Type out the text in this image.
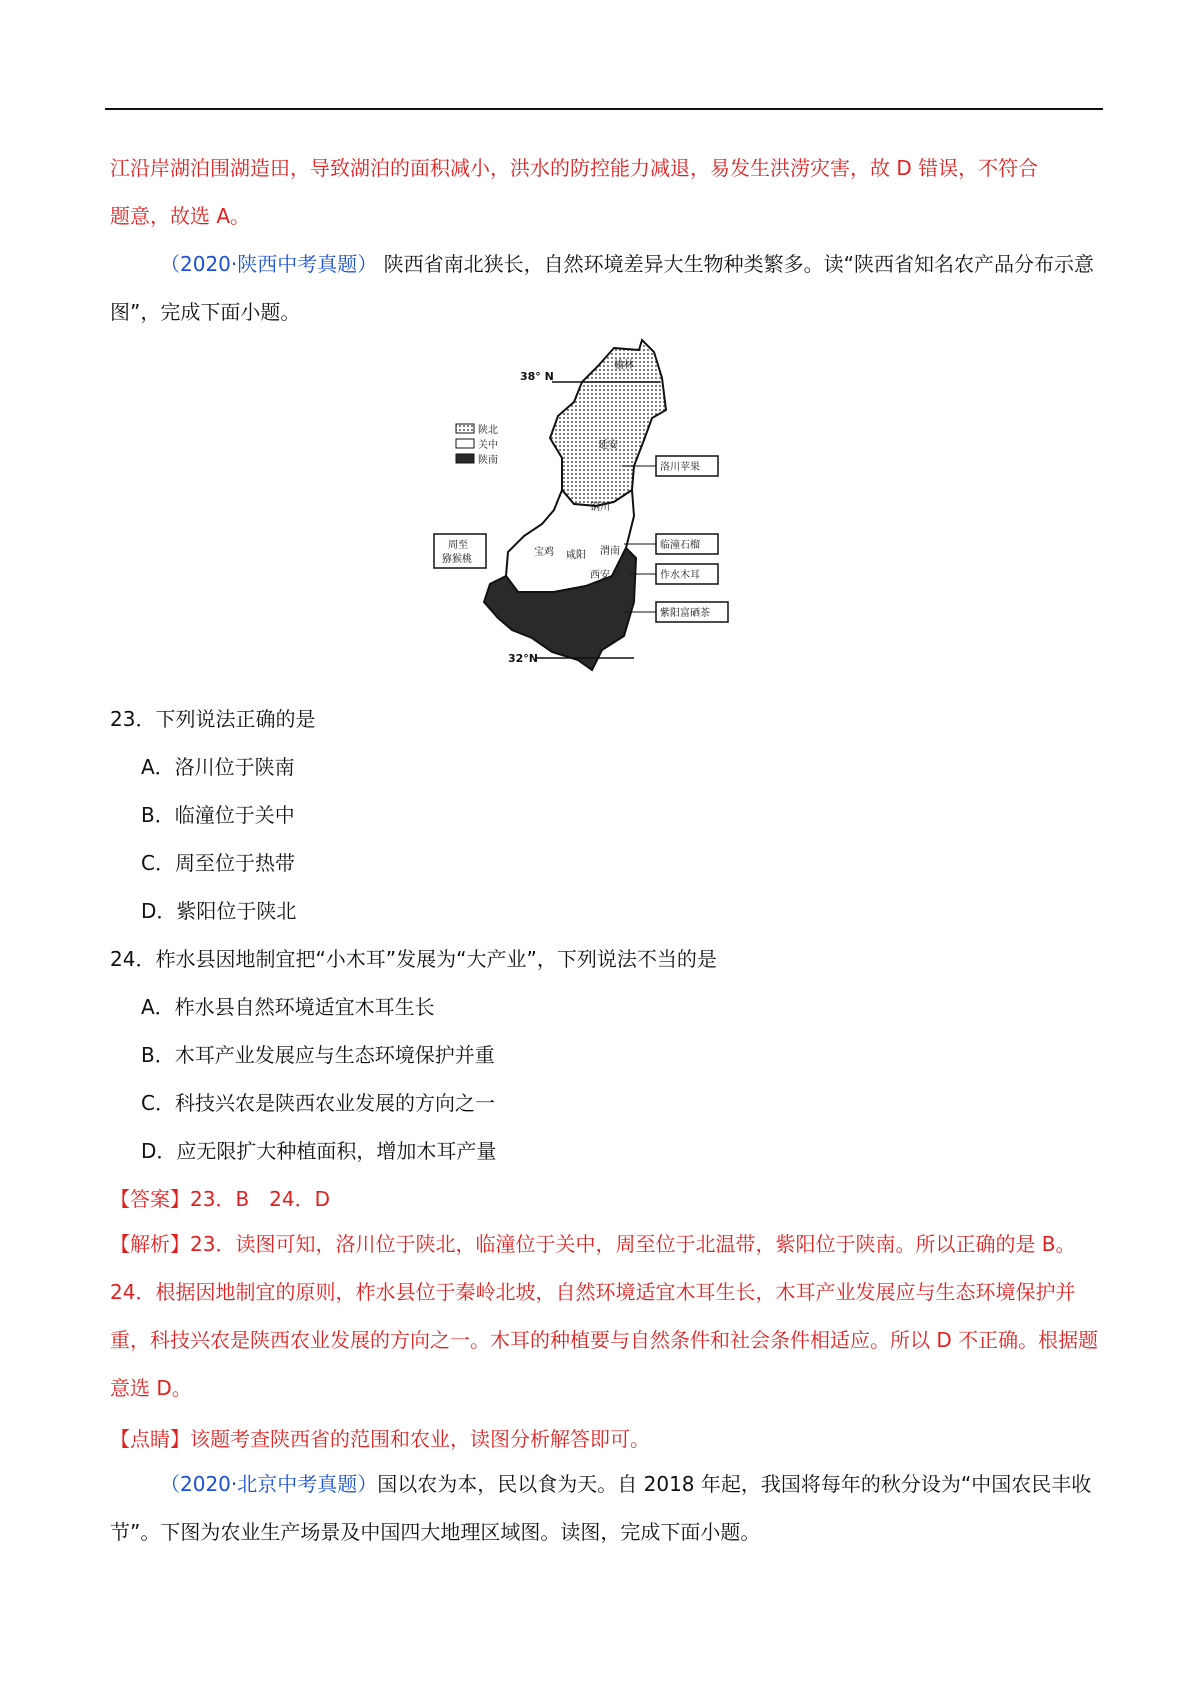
江沿岸湖泊围湖造田，导致湖泊的面积减小，洪水的防控能力减退，易发生洪涝灾害，故 D 错误，不符合
题意，故选 A。

（2020·陕西中考真题） 陕西省南北狭长，自然环境差异大生物种类繁多。读“陕西省知名农产品分布示意图”，完成下面小题。

38° N
32°N
陕北
关中
陕南
榆林
延安
铜川
宝鸡 咸阳 渭南
西安
洛川苹果
临潼石榴
作水木耳
紫阳富硒茶
周至
猕猴桃
23．下列说法正确的是
A．洛川位于陕南
B．临潼位于关中
C．周至位于热带
D．紫阳位于陕北
24．柞水县因地制宜把“小木耳”发展为“大产业”，下列说法不当的是
A．柞水县自然环境适宜木耳生长
B．木耳产业发展应与生态环境保护并重
C．科技兴农是陕西农业发展的方向之一
D．应无限扩大种植面积，增加木耳产量
【答案】23．B　24．D

【解析】23．读图可知，洛川位于陕北，临潼位于关中，周至位于北温带，紫阳位于陕南。所以正确的是 B。
24．根据因地制宜的原则，柞水县位于秦岭北坡，自然环境适宜木耳生长，木耳产业发展应与生态环境保护并重，科技兴农是陕西农业发展的方向之一。木耳的种植要与自然条件和社会条件相适应。所以 D 不正确。根据题意选 D。

【点睛】该题考查陕西省的范围和农业，读图分析解答即可。

（2020·北京中考真题）国以农为本，民以食为天。自 2018 年起，我国将每年的秋分设为“中国农民丰收节”。下图为农业生产场景及中国四大地理区域图。读图，完成下面小题。
